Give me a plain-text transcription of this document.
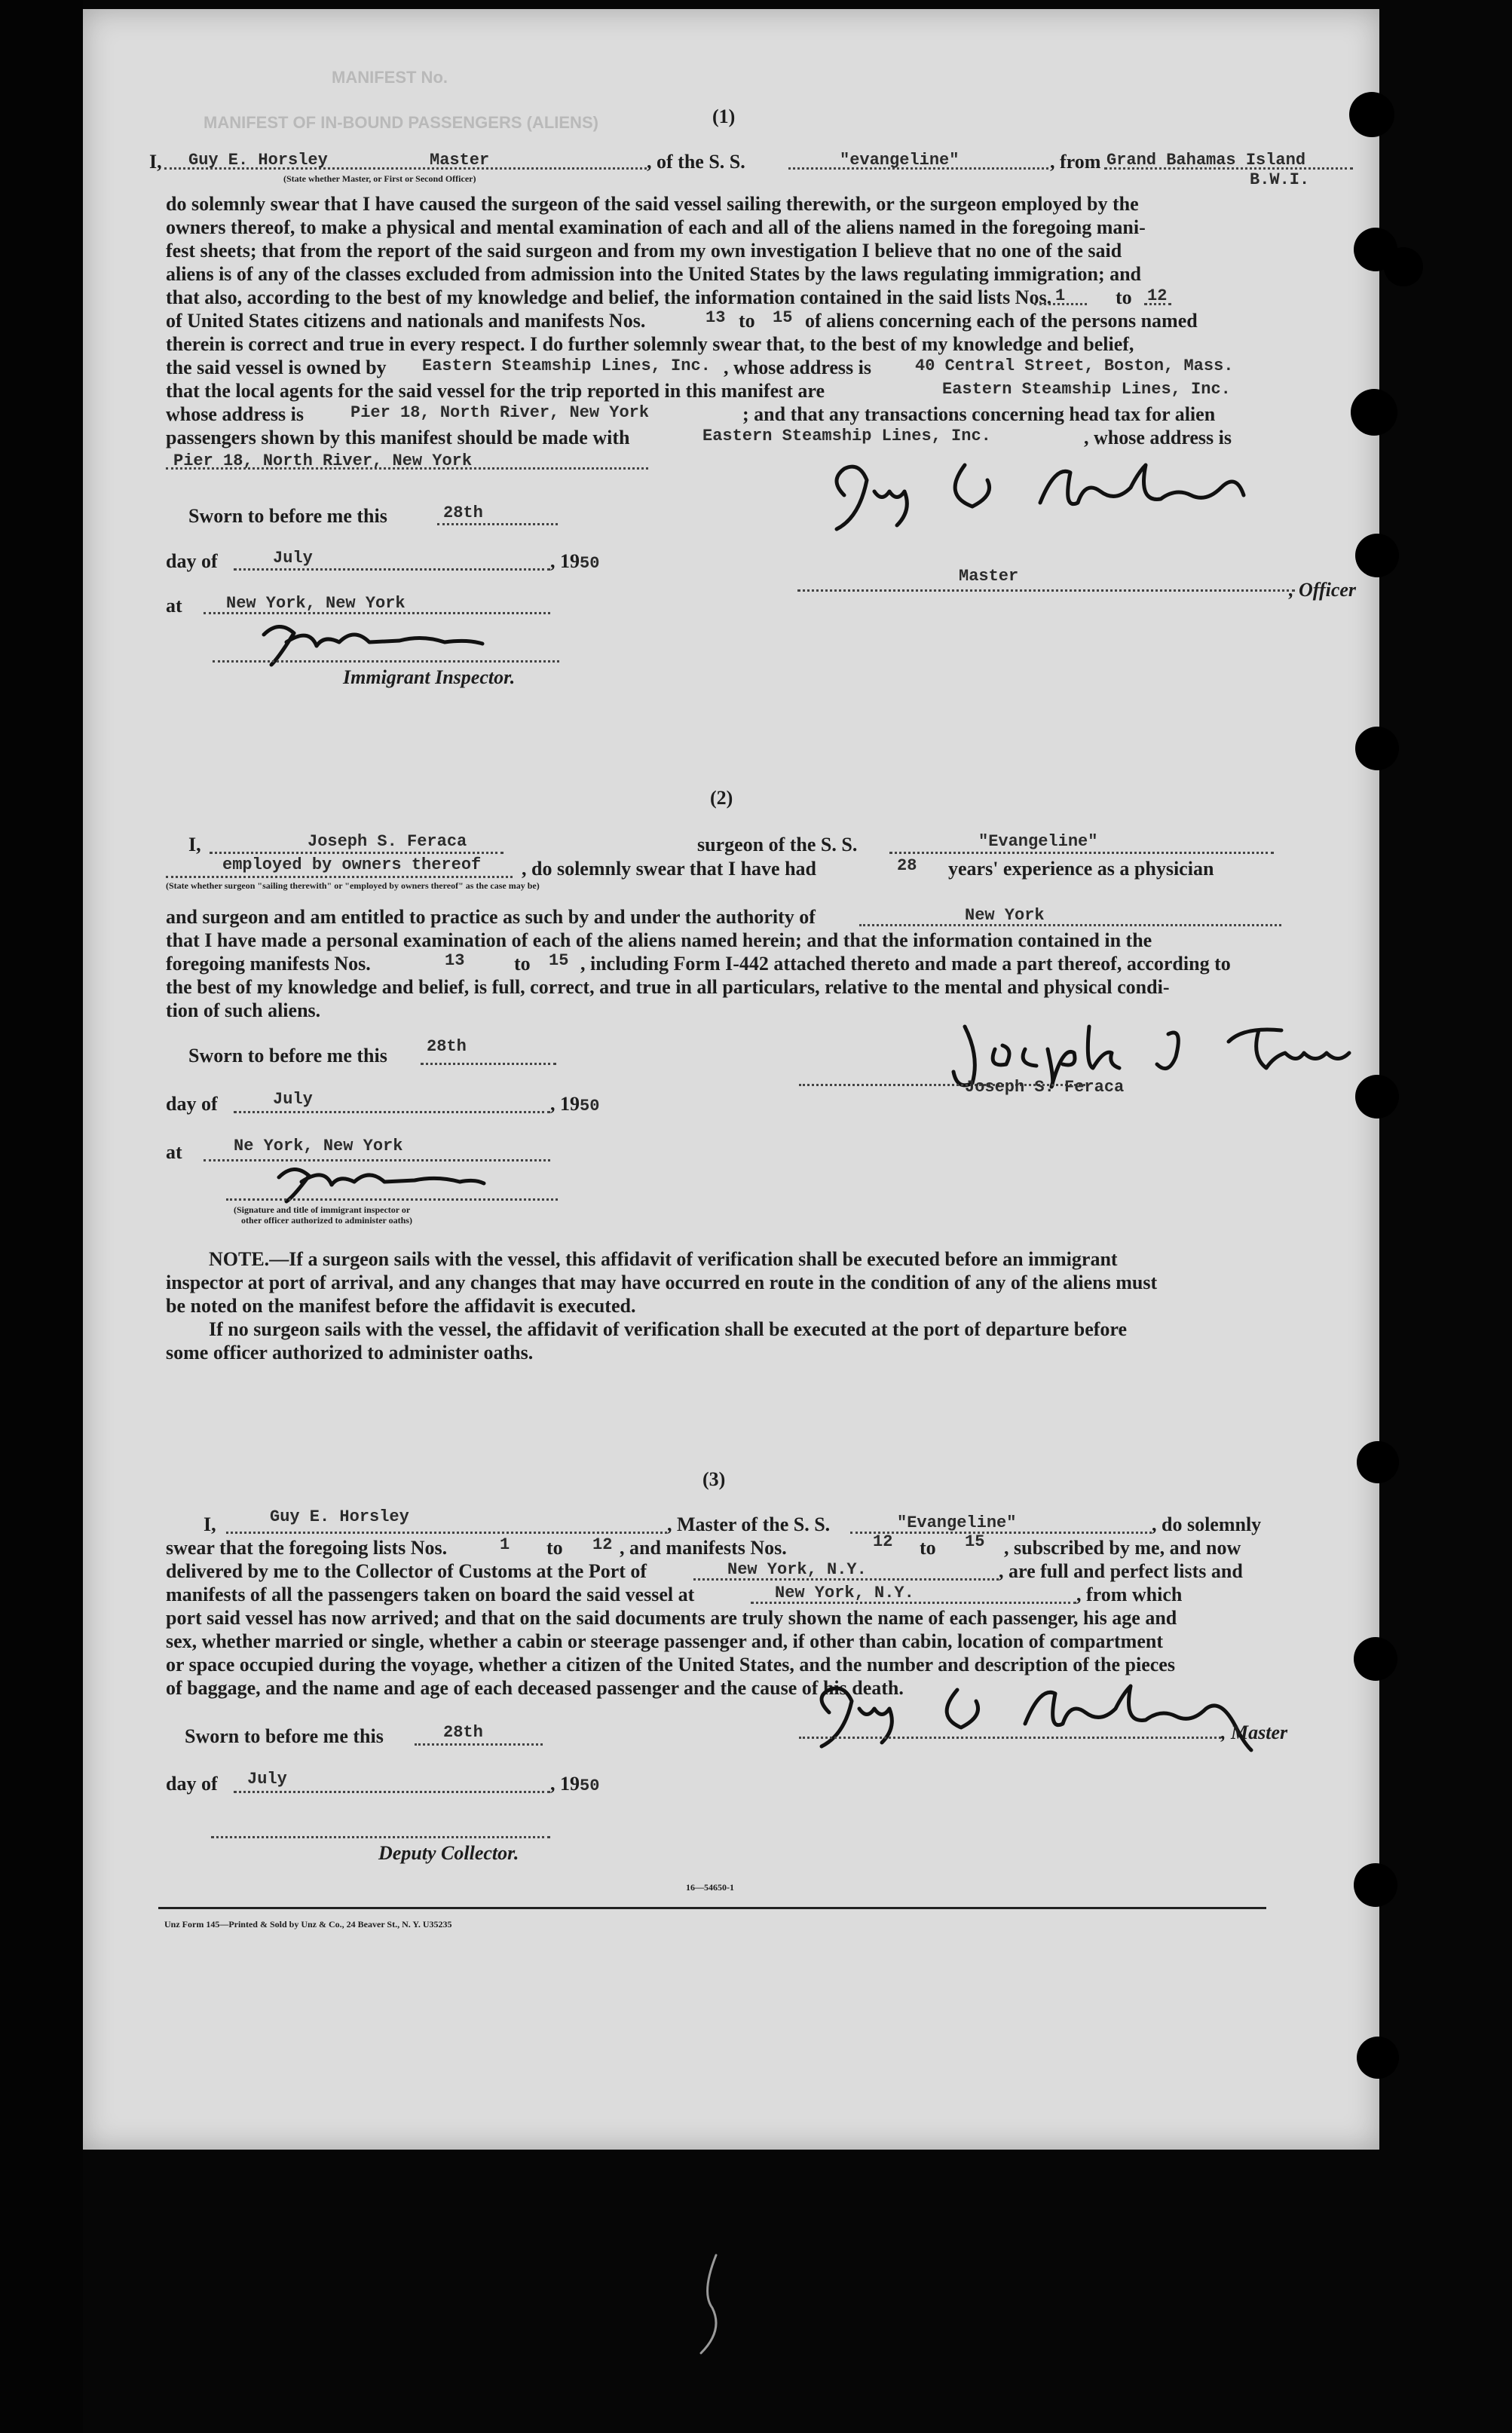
MANIFEST No.
MANIFEST OF IN-BOUND PASSENGERS (ALIENS)	(1)
I, Guy E. Horsley	Master	, of the S. S.	"evangeline"	, from Grand Bahamas Island
B.W.I.
(State whether Master, or First or Second Officer)
do solemnly swear that I have caused the surgeon of the said vessel sailing therewith, or the surgeon employed by the
owners thereof, to make a physical and mental examination of each and all of the aliens named in the foregoing mani-
fest sheets; that from the report of the said surgeon and from my own investigation I believe that no one of the said
aliens is of any of the classes excluded from admission into the United States by the laws regulating immigration; and
that also, according to the best of my knowledge and belief, the information contained in the said lists Nos. 1	to 12
of United States citizens and nationals and manifests Nos.	13 to 15 of aliens concerning each of the persons named
therein is correct and true in every respect. I do further solemnly swear that, to the best of my knowledge and belief,
the said vessel is owned by Eastern Steamship Lines, Inc. , whose address is	40 Central Street, Boston, Mass.
that the local agents for the said vessel for the trip reported in this manifest are	Eastern Steamship Lines, Inc.
whose address is	Pier 18, North River, New York	; and that any transactions concerning head tax for alien
passengers shown by this manifest should be made with	Eastern Steamship Lines, Inc.	, whose address is
Pier 18, North River, New York
Sworn to before me this	28th
day of	July	, 1950
at	New York, New York
Immigrant Inspector.
Master
, Officer
(2)
I,	Joseph S. Feraca	surgeon of the S. S.	"Evangeline"
employed by owners thereof , do solemnly swear that I have had	28 years' experience as a physician
(State whether surgeon "sailing therewith" or "employed by owners thereof" as the case may be)
and surgeon and am entitled to practice as such by and under the authority of	New York
that I have made a personal examination of each of the aliens named herein; and that the information contained in the
foregoing manifests Nos.	13	to 15 , including Form I-442 attached thereto and made a part thereof, according to
the best of my knowledge and belief, is full, correct, and true in all particulars, relative to the mental and physical condi-
tion of such aliens.
Sworn to before me this 28th
day of	July	, 1950
at	Ne York, New York
(Signature and title of immigrant inspector or
other officer authorized to administer oaths)
Joseph S. Feraca
NOTE.—If a surgeon sails with the vessel, this affidavit of verification shall be executed before an immigrant
inspector at port of arrival, and any changes that may have occurred en route in the condition of any of the aliens must
be noted on the manifest before the affidavit is executed.
If no surgeon sails with the vessel, the affidavit of verification shall be executed at the port of departure before
some officer authorized to administer oaths.
(3)
I,	Guy E. Horsley	, Master of the S. S.	"Evangeline"	, do solemnly
swear that the foregoing lists Nos.	1 to 12 , and manifests Nos.	12 to 15 , subscribed by me, and now
delivered by me to the Collector of Customs at the Port of	New York, N.Y.	, are full and perfect lists and
manifests of all the passengers taken on board the said vessel at	New York, N.Y.	, from which
port said vessel has now arrived; and that on the said documents are truly shown the name of each passenger, his age and
sex, whether married or single, whether a cabin or steerage passenger and, if other than cabin, location of compartment
or space occupied during the voyage, whether a citizen of the United States, and the number and description of the pieces
of baggage, and the name and age of each deceased passenger and the cause of his death.
, Master
Sworn to before me this	28th
day of July	, 1950
Deputy Collector.
16—54650-1
Unz Form 145—Printed & Sold by Unz & Co., 24 Beaver St., N. Y. U35235
